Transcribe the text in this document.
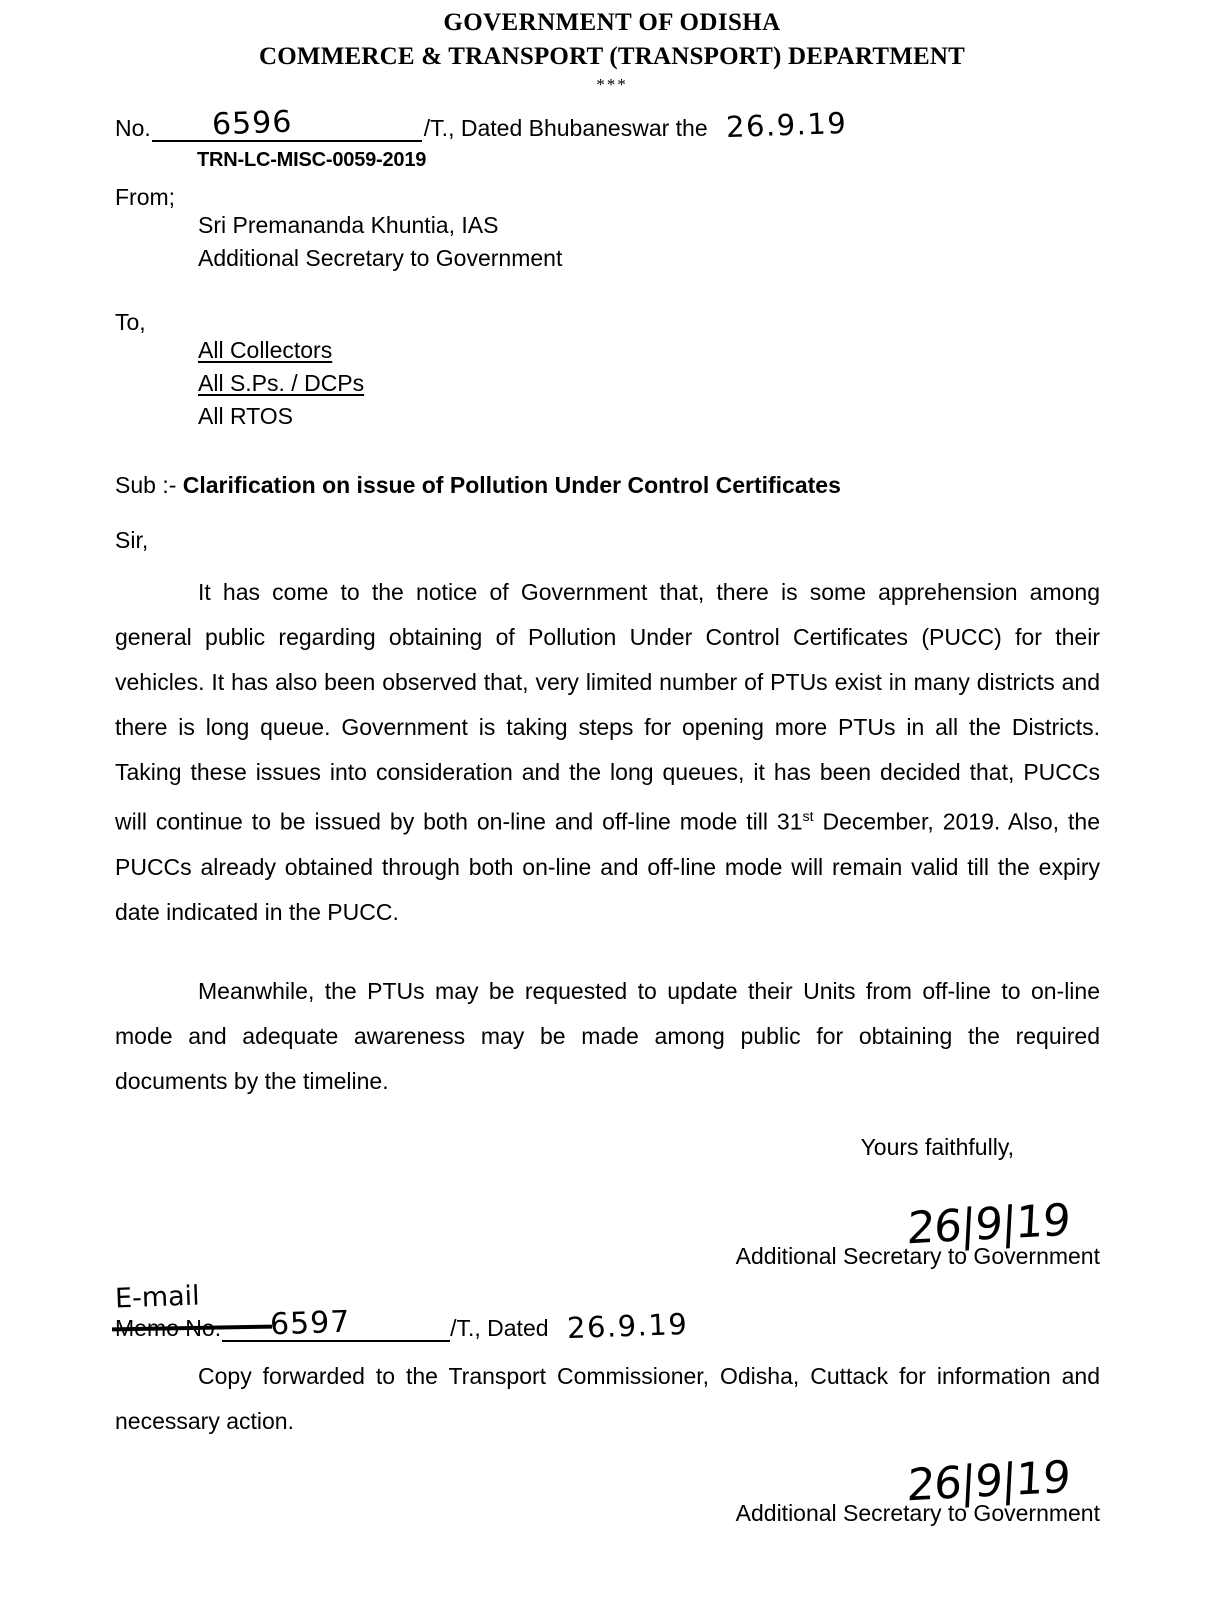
GOVERNMENT OF ODISHA
COMMERCE & TRANSPORT (TRANSPORT) DEPARTMENT
***
No. 6596	/T., Dated Bhubaneswar the 26.9.19
TRN-LC-MISC-0059-2019
From;
Sri Premananda Khuntia, IAS
Additional Secretary to Government
To,
All Collectors
All S.Ps. / DCPs
All RTOS
Sub :- Clarification on issue of Pollution Under Control Certificates
Sir,

It has come to the notice of Government that, there is some apprehension among general public regarding obtaining of Pollution Under Control Certificates (PUCC) for their vehicles. It has also been observed that, very limited number of PTUs exist in many districts and there is long queue. Government is taking steps for opening more PTUs in all the Districts. Taking these issues into consideration and the long queues, it has been decided that, PUCCs will continue to be issued by both on-line and off-line mode till 31st December, 2019. Also, the PUCCs already obtained through both on-line and off-line mode will remain valid till the expiry date indicated in the PUCC.

Meanwhile, the PTUs may be requested to update their Units from off-line to on-line mode and adequate awareness may be made among public for obtaining the required documents by the timeline.

Yours faithfully,
26|9|19
Additional Secretary to Government
E-mail
Memo No. 6597	/T., Dated 26.9.19

Copy forwarded to the Transport Commissioner, Odisha, Cuttack for information and necessary action.

26|9|19
Additional Secretary to Government
